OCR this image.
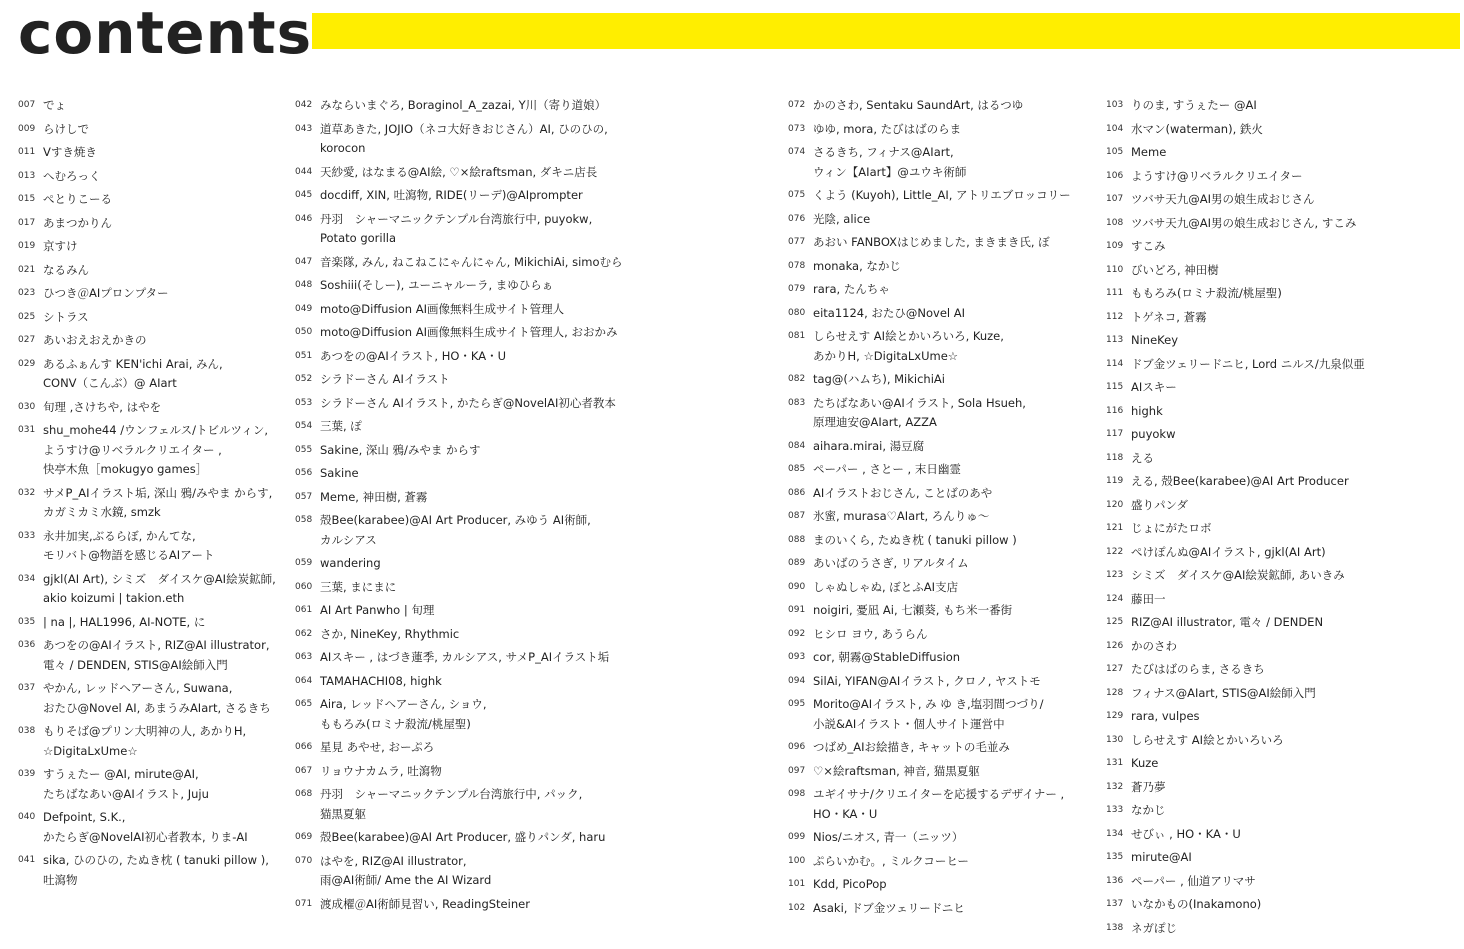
contents
007 でょ
009 らけしで
011 Vすき焼き
013 へむろっく
015 ぺとりこーる
017 あまつかりん
019 京すけ
021 なるみん
023 ひつき＠AIプロンプター
025 シトラス
027 あいおえおえかきの
029 あるふぁんす KEN'ichi Arai, みん,
CONV（こんぶ）@ AIart
030 旬理 ,さけちや, はやを
031 shu_mohe44 /ウンフェルス/トビルツィン,
ようすけ@リベラルクリエイター ,
快亭木魚［mokugyo games］
032 サメP_AIイラスト垢, 深山 鴉/みやま からす,
カガミカミ水鏡, smzk
033 永井加実,ぶるらぼ, かんてな,
モリバト@物語を感じるAIアート
034 gjkl(AI Art), シミズ　ダイスケ@AI絵炭鉱師,
akio koizumi | takion.eth
035 | na |, HAL1996, AI-NOTE, に
036 あつをの@AIイラスト, RIZ@AI illustrator,
電々 / DENDEN, STIS@AI絵師入門
037 やかん, レッドヘアーさん, Suwana,
おたひ@Novel AI, あまうみAIart, さるきち
038 もりそば@プリン大明神の人, あかりH,
☆DigitaLxUme☆
039 すうぇたー @AI, mirute@AI,
たちばなあい@AIイラスト, Juju
040 Defpoint, S.K.,
かたらぎ@NovelAI初心者教本, りま-AI
041 sika, ひのひの, たぬき枕 ( tanuki pillow ),
吐瀉物
042 みならいまぐろ, Boraginol_A_zazai, Y川（寄り道娘）
043 道草あきた, JOJIO（ネコ大好きおじさん）AI, ひのひの,
korocon
044 天紗愛, はなまる@AI絵, ♡×絵raftsman, ダキニ店長
045 docdiff, XIN, 吐瀉物, RIDE(リーデ)@AIprompter
046 丹羽　シャーマニックテンプル台湾旅行中, puyokw,
Potato gorilla
047 音楽隊, みん, ねこねこにゃんにゃん, MikichiAi, simoむら
048 Soshiii(そしー), ユーニャルーラ, まゆひらぁ
049 moto@Diffusion AI画像無料生成サイト管理人
050 moto@Diffusion AI画像無料生成サイト管理人, おおかみ
051 あつをの@AIイラスト, HO・KA・U
052 シラドーさん AIイラスト
053 シラドーさん AIイラスト, かたらぎ@NovelAI初心者教本
054 三葉, ぽ
055 Sakine, 深山 鴉/みやま からす
056 Sakine
057 Meme, 神田樹, 蒼霧
058 殻Bee(karabee)@AI Art Producer, みゆう AI術師,
カルシアス
059 wandering
060 三葉, まにまに
061 AI Art Panwho | 旬理
062 さか, NineKey, Rhythmic
063 AIスキー , はづき蓮季, カルシアス, サメP_AIイラスト垢
064 TAMAHACHI08, highk
065 Aira, レッドヘアーさん, ショウ,
ももろみ(ロミナ殺流/桃屋聖)
066 星見 あやせ, おーぷろ
067 リョウナカムラ, 吐瀉物
068 丹羽　シャーマニックテンプル台湾旅行中, パック,
猫黒夏躯
069 殻Bee(karabee)@AI Art Producer, 盛りパンダ, haru
070 はやを, RIZ@AI illustrator,
雨@AI術師/ Ame the AI Wizard
071 渡成櫂＠AI術師見習い, ReadingSteiner
072 かのさわ, Sentaku SaundArt, はるつゆ
073 ゆゆ, mora, たびはばのらま
074 さるきち, フィナス@AIart,
ウィン【AIart】@ユウキ術師
075 くよう (Kuyoh), Little_AI, アトリエブロッコリー
076 光陰, alice
077 あおい FANBOXはじめました, まきまき氏, ぼ
078 monaka, なかじ
079 rara, たんちゃ
080 eita1124, おたひ@Novel AI
081 しらせえす AI絵とかいろいろ, Kuze,
あかりH, ☆DigitaLxUme☆
082 tag@(ハムち), MikichiAi
083 たちばなあい@AIイラスト, Sola Hsueh,
原理迪安@AIart, AZZA
084 aihara.mirai, 湯豆腐
085 ペーパー , さとー , 末日幽霊
086 AIイラストおじさん, ことばのあや
087 氷蜜, murasa♡AIart, ろんりゅ～
088 まのいくら, たぬき枕 ( tanuki pillow )
089 あいばのうさぎ, リアルタイム
090 しゃぬしゃぬ, ぼとふAI支店
091 noigiri, 憂凪 Ai, 七瀬葵, もち米一番街
092 ヒシロ ヨウ, あうらん
093 cor, 朝霧@StableDiffusion
094 SilAi, YIFAN@AIイラスト, クロノ, ヤストモ
095 Morito@AIイラスト, み ゆ き,塩羽間つづり/
小説&AIイラスト・個人サイト運営中
096 つばめ_AIお絵描き, キャットの毛並み
097 ♡×絵raftsman, 神音, 猫黒夏躯
098 ユギイサナ/クリエイターを応援するデザイナー ,
HO・KA・U
099 Nios/ニオス, 青一（ニッツ）
100 ぷらいかむ。, ミルクコーヒー
101 Kdd, PicoPop
102 Asaki, ドブ金ツェリードニヒ
103 りのま, すうぇたー @AI
104 水マン(waterman), 鉄火
105 Meme
106 ようすけ@リベラルクリエイター
107 ツバサ天九@AI男の娘生成おじさん
108 ツバサ天九@AI男の娘生成おじさん, すこみ
109 すこみ
110 びいどろ, 神田樹
111 ももろみ(ロミナ殺流/桃屋聖)
112 トゲネコ, 蒼霧
113 NineKey
114 ドブ金ツェリードニヒ, Lord ニルス/九泉似亜
115 AIスキー
116 highk
117 puyokw
118 える
119 える, 殻Bee(karabee)@AI Art Producer
120 盛りパンダ
121 じょにがたロボ
122 ぺけぽんぬ@AIイラスト, gjkl(AI Art)
123 シミズ　ダイスケ@AI絵炭鉱師, あいきみ
124 藤田一
125 RIZ@AI illustrator, 電々 / DENDEN
126 かのさわ
127 たびはばのらま, さるきち
128 フィナス@AIart, STIS@AI絵師入門
129 rara, vulpes
130 しらせえす AI絵とかいろいろ
131 Kuze
132 蒼乃夢
133 なかじ
134 せびぃ , HO・KA・U
135 mirute@AI
136 ペーパー , 仙道アリマサ
137 いなかもの(Inakamono)
138 ネガぽじ
